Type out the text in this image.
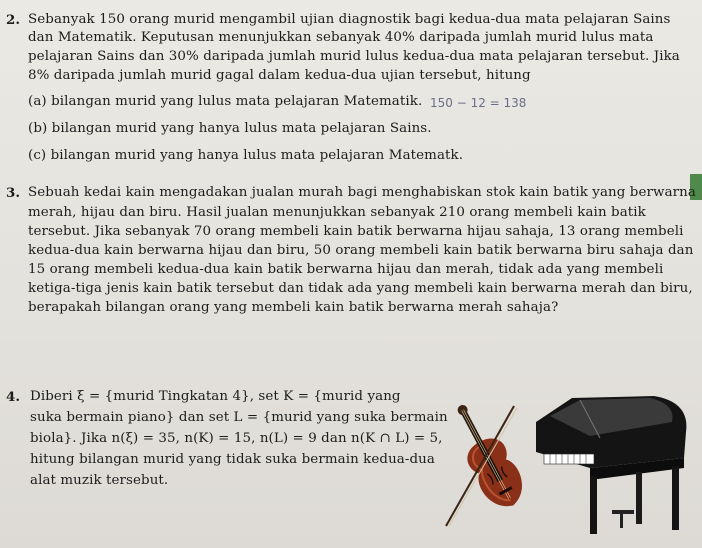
2. Sebanyak 150 orang murid mengambil ujian diagnostik bagi kedua-dua mata pelajaran Sains
dan Matematik. Keputusan menunjukkan sebanyak 40% daripada jumlah murid lulus mata
pelajaran Sains dan 30% daripada jumlah murid lulus kedua-dua mata pelajaran tersebut. Jika
8% daripada jumlah murid gagal dalam kedua-dua ujian tersebut, hitung
(a) bilangan murid yang lulus mata pelajaran Matematik. 150 − 12 = 138
(b) bilangan murid yang hanya lulus mata pelajaran Sains.
(c) bilangan murid yang hanya lulus mata pelajaran Matematk.
3. Sebuah kedai kain mengadakan jualan murah bagi menghabiskan stok kain batik yang berwarna
merah, hijau dan biru. Hasil jualan menunjukkan sebanyak 210 orang membeli kain batik
tersebut. Jika sebanyak 70 orang membeli kain batik berwarna hijau sahaja, 13 orang membeli
kedua-dua kain berwarna hijau dan biru, 50 orang membeli kain batik berwarna biru sahaja dan
15 orang membeli kedua-dua kain batik berwarna hijau dan merah, tidak ada yang membeli
ketiga-tiga jenis kain batik tersebut dan tidak ada yang membeli kain berwarna merah dan biru,
berapakah bilangan orang yang membeli kain batik berwarna merah sahaja?
4. Diberi ξ = {murid Tingkatan 4}, set K = {murid yang
suka bermain piano} dan set L = {murid yang suka bermain
biola}. Jika n(ξ) = 35, n(K) = 15, n(L) = 9 dan n(K ∩ L) = 5,
hitung bilangan murid yang tidak suka bermain kedua-dua
alat muzik tersebut.
